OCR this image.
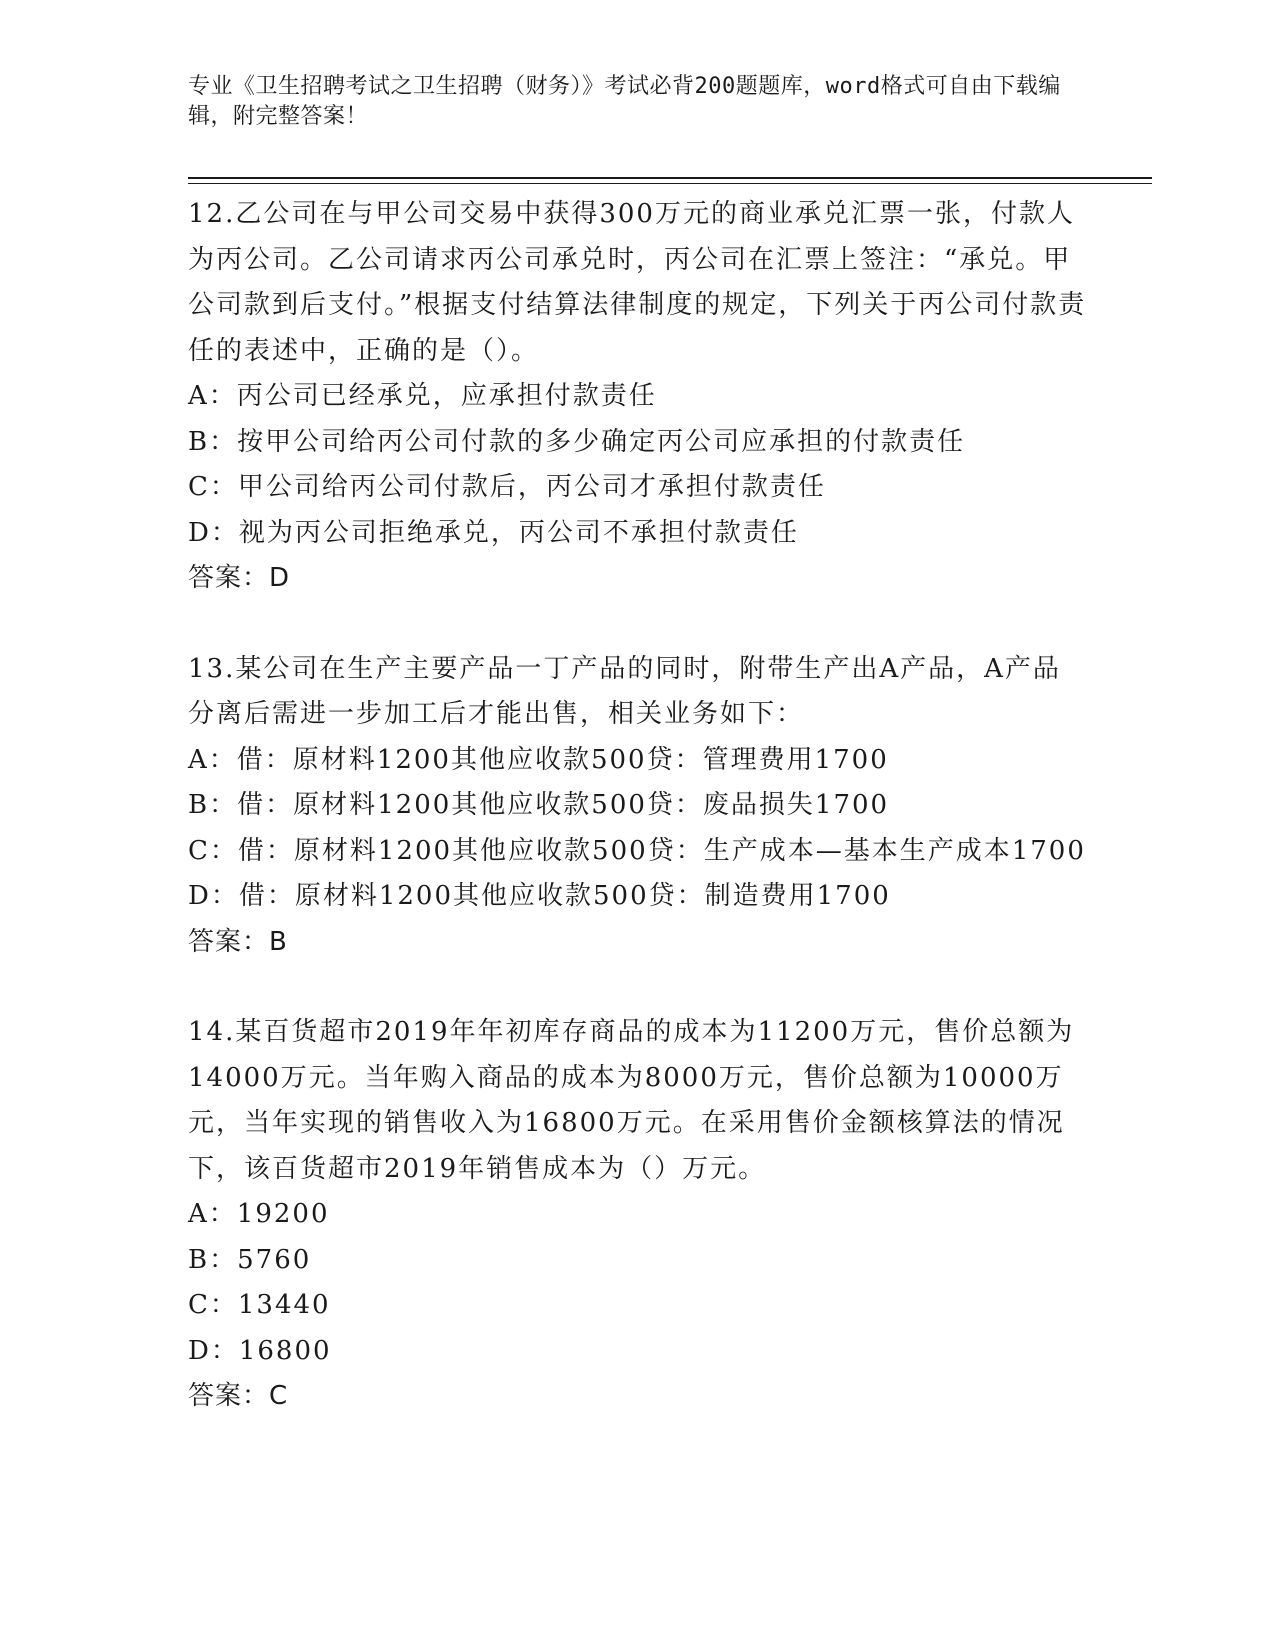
专业《卫生招聘考试之卫生招聘（财务）》考试必背200题题库，word格式可自由下载编辑，附完整答案！

12.乙公司在与甲公司交易中获得300万元的商业承兑汇票一张，付款人为丙公司。乙公司请求丙公司承兑时，丙公司在汇票上签注：“承兑。甲公司款到后支付。”根据支付结算法律制度的规定，下列关于丙公司付款责任的表述中，正确的是（）。

A：丙公司已经承兑，应承担付款责任

B：按甲公司给丙公司付款的多少确定丙公司应承担的付款责任

C：甲公司给丙公司付款后，丙公司才承担付款责任

D：视为丙公司拒绝承兑，丙公司不承担付款责任

答案：D

13.某公司在生产主要产品一丁产品的同时，附带生产出A产品，A产品分离后需进一步加工后才能出售，相关业务如下：

A：借：原材料1200其他应收款500贷：管理费用1700

B：借：原材料1200其他应收款500贷：废品损失1700

C：借：原材料1200其他应收款500贷：生产成本—基本生产成本1700

D：借：原材料1200其他应收款500贷：制造费用1700

答案：B

14.某百货超市2019年年初库存商品的成本为11200万元，售价总额为14000万元。当年购入商品的成本为8000万元，售价总额为10000万元，当年实现的销售收入为16800万元。在采用售价金额核算法的情况下，该百货超市2019年销售成本为（）万元。

A：19200

B：5760

C：13440

D：16800

答案：C
